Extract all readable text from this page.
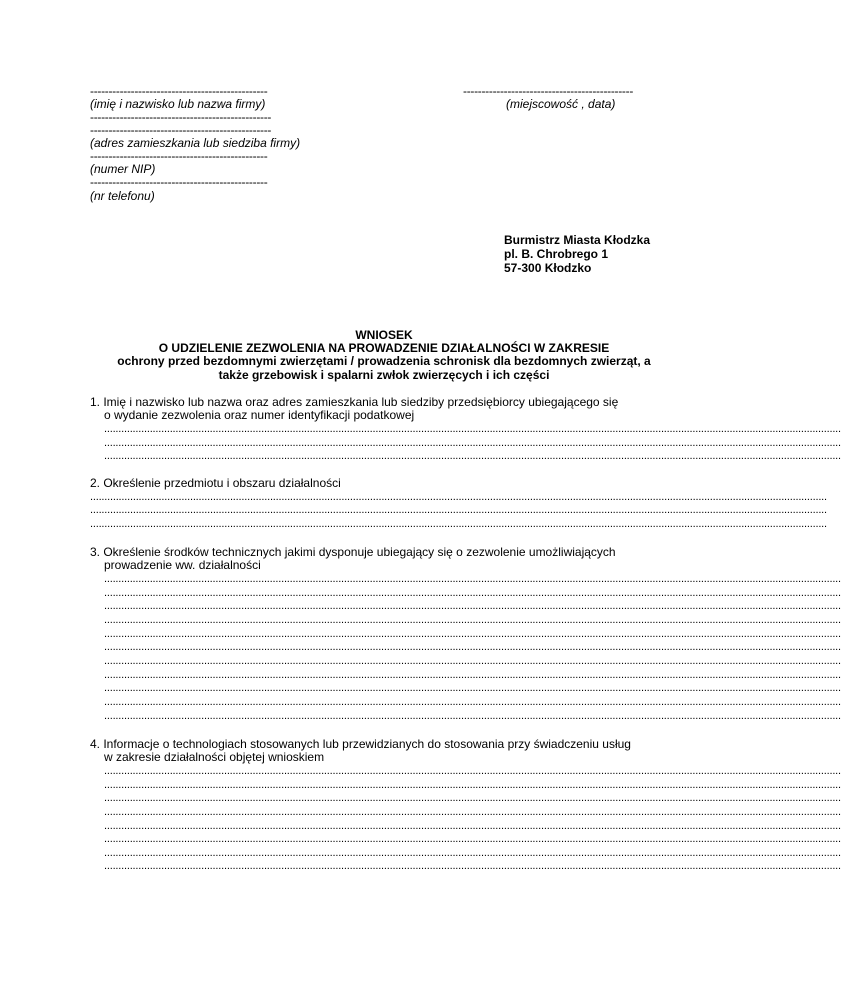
------------------------------------------------
(imię i nazwisko lub nazwa firmy)
-------------------------------------------------
-------------------------------------------------
(adres zamieszkania lub siedziba firmy)
------------------------------------------------
(numer NIP)
------------------------------------------------
(nr telefonu)
----------------------------------------------
(miejscowość , data)
Burmistrz Miasta Kłodzka
pl. B. Chrobrego 1
57-300 Kłodzko
WNIOSEK
O UDZIELENIE ZEZWOLENIA NA PROWADZENIE DZIAŁALNOŚCI W ZAKRESIE
ochrony przed bezdomnymi zwierzętami / prowadzenia schronisk dla bezdomnych zwierząt, a
także grzebowisk i spalarni zwłok zwierzęcych i ich części
1. Imię i nazwisko lub nazwa oraz adres zamieszkania lub siedziby przedsiębiorcy ubiegającego się
o wydanie zezwolenia oraz numer identyfikacji podatkowej
..................................................................................................................................................................................................................................................................
..................................................................................................................................................................................................................................................................
..................................................................................................................................................................................................................................................................
2. Określenie przedmiotu i obszaru działalności
..................................................................................................................................................................................................................................................................
..................................................................................................................................................................................................................................................................
..................................................................................................................................................................................................................................................................
3. Określenie środków technicznych jakimi dysponuje ubiegający się o zezwolenie umożliwiających
prowadzenie ww. działalności
..................................................................................................................................................................................................................................................................
..................................................................................................................................................................................................................................................................
..................................................................................................................................................................................................................................................................
..................................................................................................................................................................................................................................................................
..................................................................................................................................................................................................................................................................
..................................................................................................................................................................................................................................................................
..................................................................................................................................................................................................................................................................
..................................................................................................................................................................................................................................................................
..................................................................................................................................................................................................................................................................
..................................................................................................................................................................................................................................................................
..................................................................................................................................................................................................................................................................
4. Informacje o technologiach stosowanych lub przewidzianych do stosowania przy świadczeniu usług
w zakresie działalności objętej wnioskiem
..................................................................................................................................................................................................................................................................
..................................................................................................................................................................................................................................................................
..................................................................................................................................................................................................................................................................
..................................................................................................................................................................................................................................................................
..................................................................................................................................................................................................................................................................
..................................................................................................................................................................................................................................................................
..................................................................................................................................................................................................................................................................
..................................................................................................................................................................................................................................................................
